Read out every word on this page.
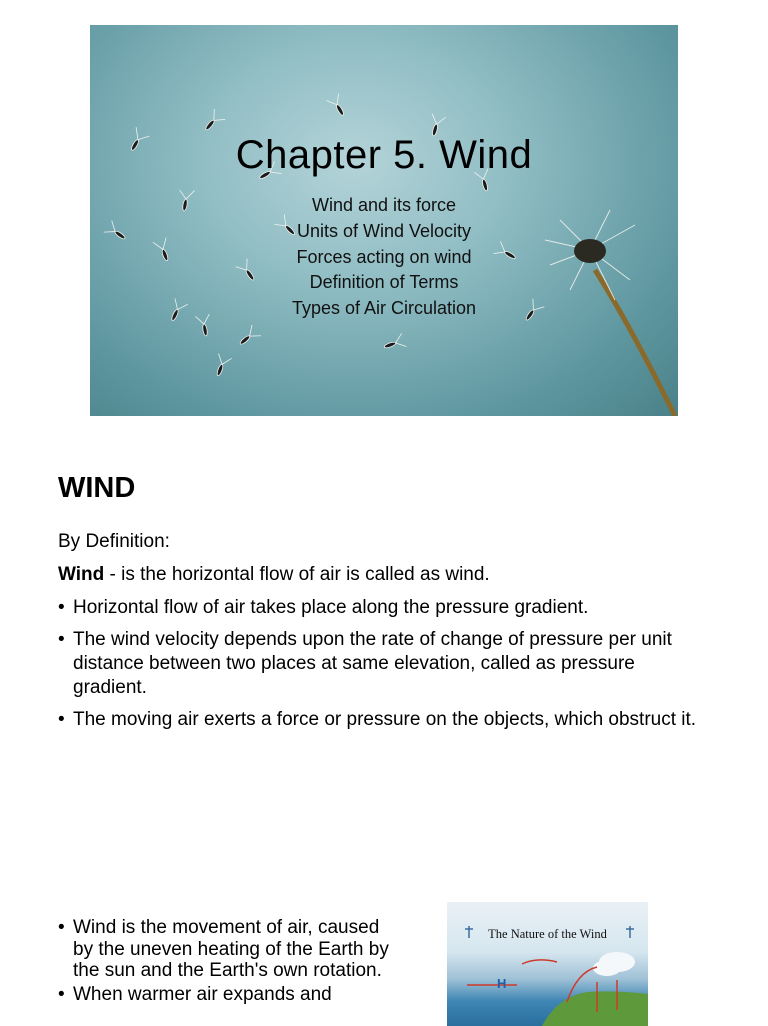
Chapter 5. Wind
Wind and its force
Units of Wind Velocity
Forces acting on wind
Definition of Terms
Types of Air Circulation
WIND

By Definition:

Wind - is the horizontal flow of air is called as wind.

• Horizontal flow of air takes place along the pressure gradient.
• The wind velocity depends upon the rate of change of pressure per unit distance between two places at same elevation, called as pressure gradient.
• The moving air exerts a force or pressure on the objects, which obstruct it.
• Wind is the movement of air, caused by the uneven heating of the Earth by the sun and the Earth's own rotation.
• When warmer air expands and
The Nature of the Wind
H
